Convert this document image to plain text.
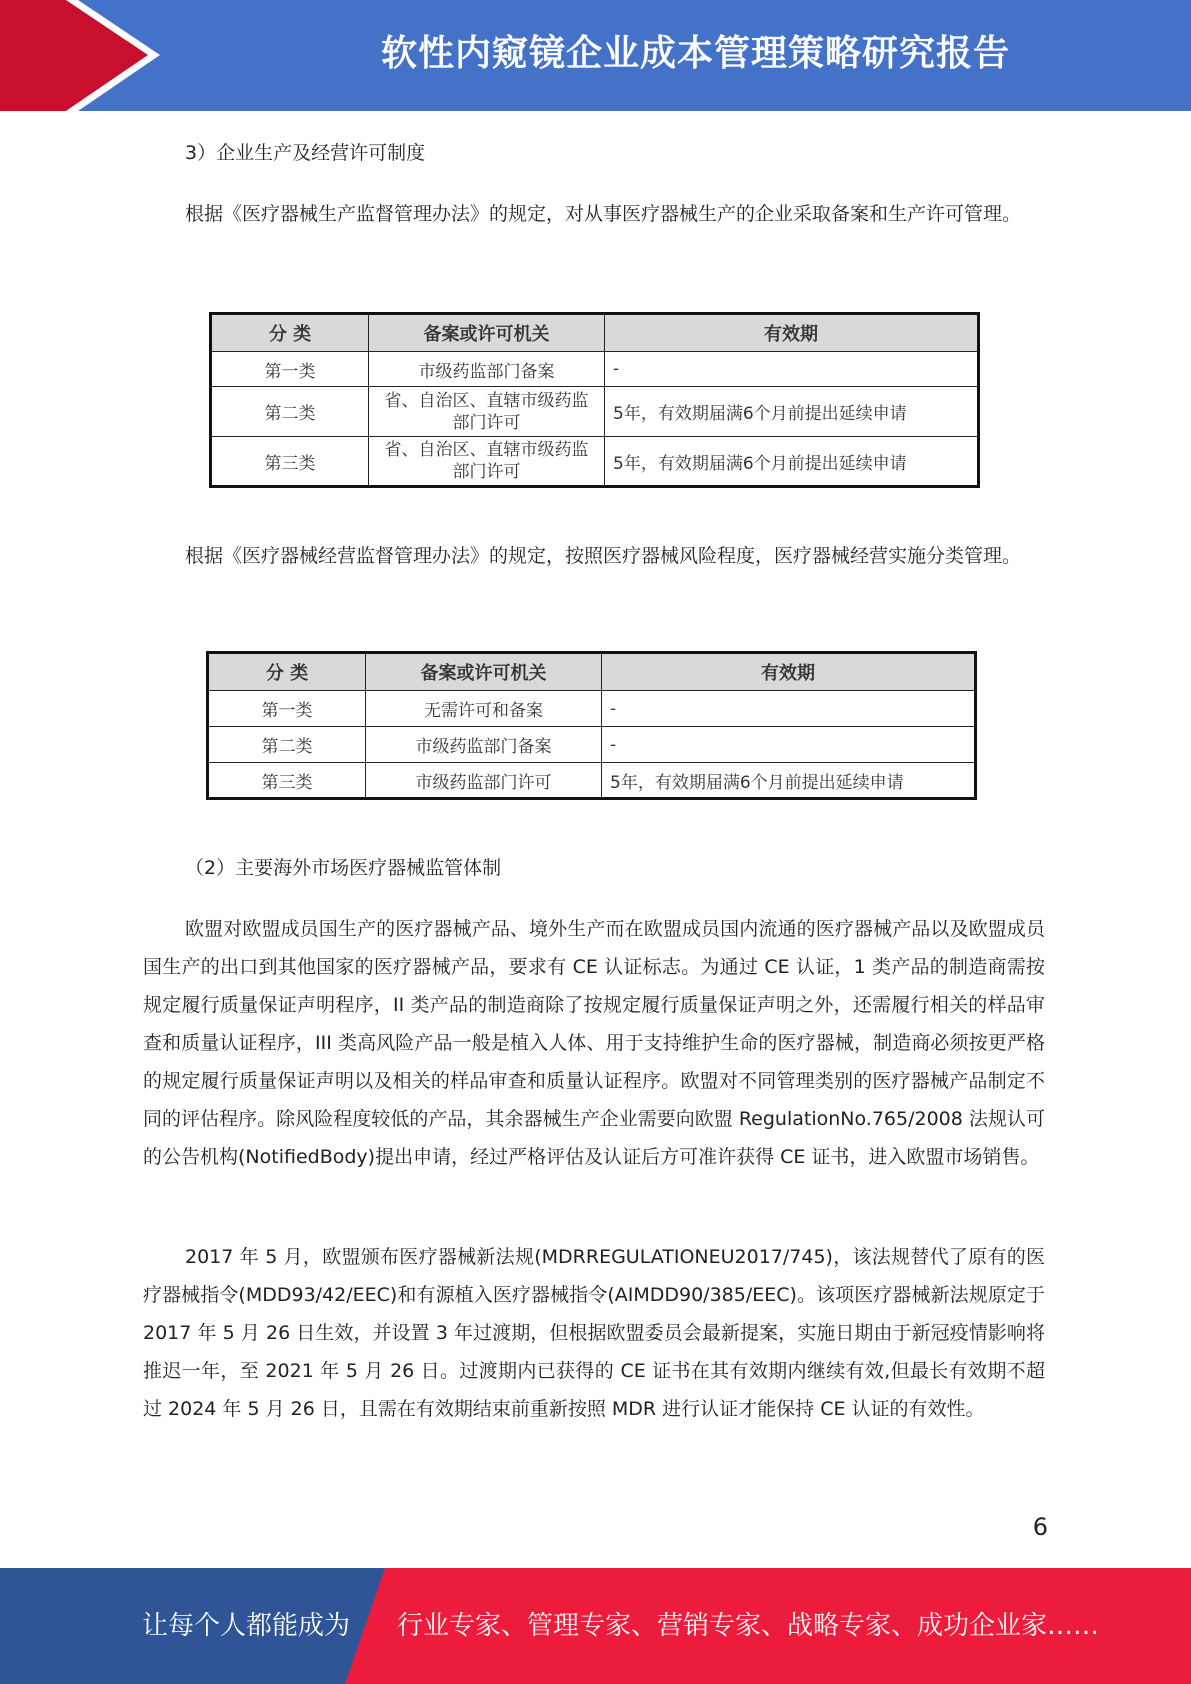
软性内窥镜企业成本管理策略研究报告
3）企业生产及经营许可制度

根据《医疗器械生产监督管理办法》的规定，对从事医疗器械生产的企业采取备案和生产许可管理。

分 类	备案或许可机关	有效期
第一类	市级药监部门备案	-
第二类	省、自治区、直辖市级药监部门许可	5年，有效期届满6个月前提出延续申请
第三类	省、自治区、直辖市级药监部门许可	5年，有效期届满6个月前提出延续申请

根据《医疗器械经营监督管理办法》的规定，按照医疗器械风险程度，医疗器械经营实施分类管理。

分 类	备案或许可机关	有效期
第一类	无需许可和备案	-
第二类	市级药监部门备案	-
第三类	市级药监部门许可	5年，有效期届满6个月前提出延续申请
（2）主要海外市场医疗器械监管体制

欧盟对欧盟成员国生产的医疗器械产品、境外生产而在欧盟成员国内流通的医疗器械产品以及欧盟成员国生产的出口到其他国家的医疗器械产品，要求有 CE 认证标志。为通过 CE 认证，1 类产品的制造商需按规定履行质量保证声明程序，II 类产品的制造商除了按规定履行质量保证声明之外，还需履行相关的样品审查和质量认证程序，III 类高风险产品一般是植入人体、用于支持维护生命的医疗器械，制造商必须按更严格的规定履行质量保证声明以及相关的样品审查和质量认证程序。欧盟对不同管理类别的医疗器械产品制定不同的评估程序。除风险程度较低的产品，其余器械生产企业需要向欧盟 RegulationNo.765/2008 法规认可的公告机构(NotifiedBody)提出申请，经过严格评估及认证后方可准许获得 CE 证书，进入欧盟市场销售。

2017 年 5 月，欧盟颁布医疗器械新法规(MDRREGULATIONEU2017/745)，该法规替代了原有的医疗器械指令(MDD93/42/EEC)和有源植入医疗器械指令(AIMDD90/385/EEC)。该项医疗器械新法规原定于 2017 年 5 月 26 日生效，并设置 3 年过渡期，但根据欧盟委员会最新提案，实施日期由于新冠疫情影响将推迟一年，至 2021 年 5 月 26 日。过渡期内已获得的 CE 证书在其有效期内继续有效,但最长有效期不超过 2024 年 5 月 26 日，且需在有效期结束前重新按照 MDR 进行认证才能保持 CE 认证的有效性。

6
让每个人都能成为 行业专家、管理专家、营销专家、战略专家、成功企业家……
